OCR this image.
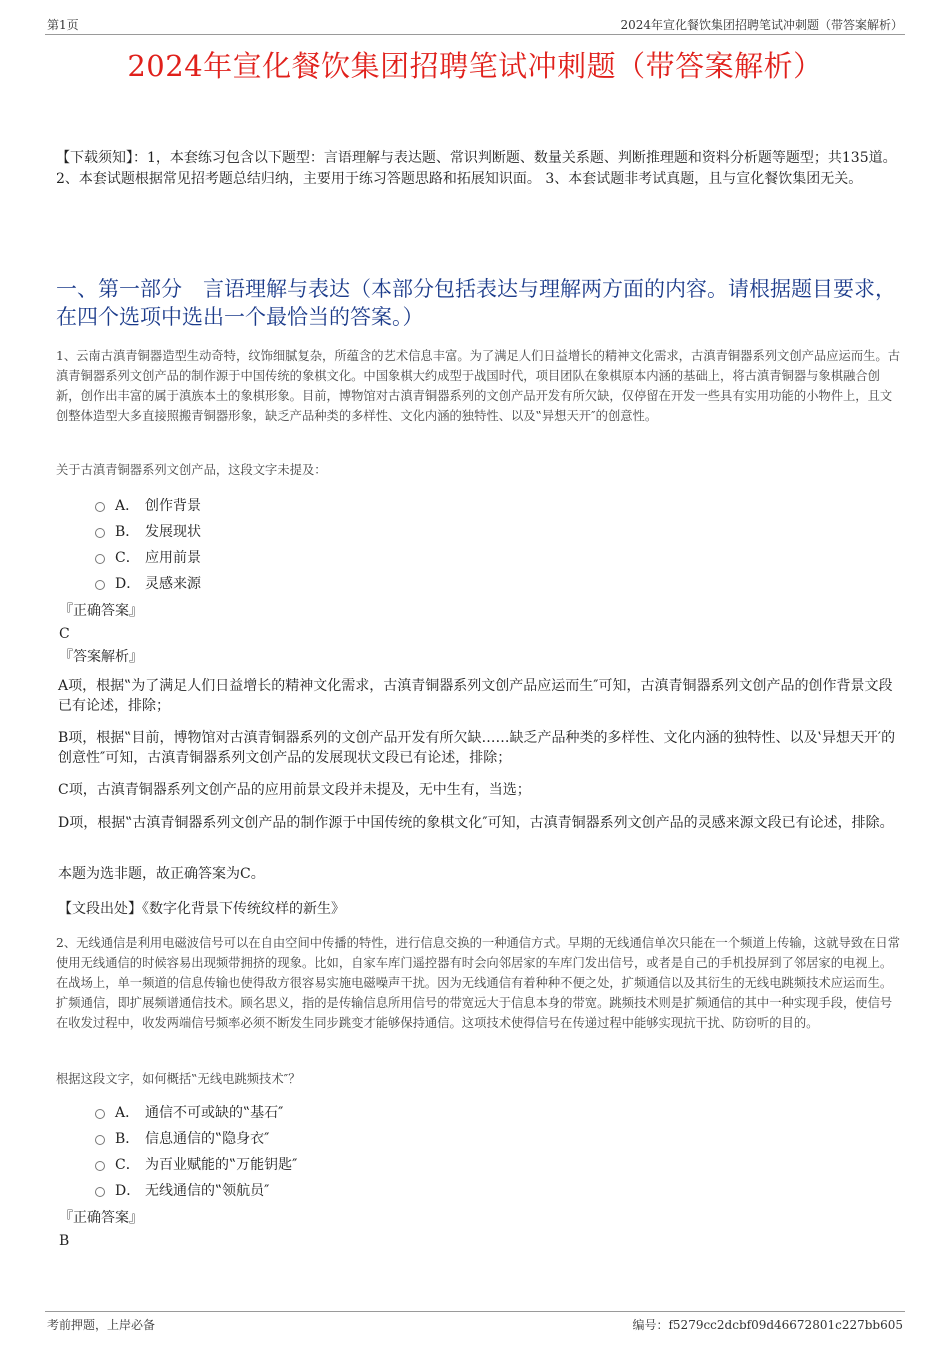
第1页	2024年宣化餐饮集团招聘笔试冲刺题（带答案解析）
2024年宣化餐饮集团招聘笔试冲刺题（带答案解析）
【下载须知】：1，本套练习包含以下题型：言语理解与表达题、常识判断题、数量关系题、判断推理题和资料分析题等题型；共135道。 2、本套试题根据常见招考题总结归纳，主要用于练习答题思路和拓展知识面。 3、本套试题非考试真题，且与宣化餐饮集团无关。
一、第一部分　言语理解与表达（本部分包括表达与理解两方面的内容。请根据题目要求，在四个选项中选出一个最恰当的答案。）
1、云南古滇青铜器造型生动奇特，纹饰细腻复杂，所蕴含的艺术信息丰富。为了满足人们日益增长的精神文化需求，古滇青铜器系列文创产品应运而生。古滇青铜器系列文创产品的制作源于中国传统的象棋文化。中国象棋大约成型于战国时代，项目团队在象棋原本内涵的基础上，将古滇青铜器与象棋融合创新，创作出丰富的属于滇族本土的象棋形象。目前，博物馆对古滇青铜器系列的文创产品开发有所欠缺，仅停留在开发一些具有实用功能的小物件上，且文创整体造型大多直接照搬青铜器形象，缺乏产品种类的多样性、文化内涵的独特性、以及‟异想天开″的创意性。
关于古滇青铜器系列文创产品，这段文字未提及：
A． 创作背景
B． 发展现状
C． 应用前景
D． 灵感来源
『正确答案』
C
『答案解析』
A项，根据‟为了满足人们日益增长的精神文化需求，古滇青铜器系列文创产品应运而生″可知，古滇青铜器系列文创产品的创作背景文段已有论述，排除；
B项，根据‟目前，博物馆对古滇青铜器系列的文创产品开发有所欠缺……缺乏产品种类的多样性、文化内涵的独特性、以及‛异想天开′的创意性″可知，古滇青铜器系列文创产品的发展现状文段已有论述，排除；
C项，古滇青铜器系列文创产品的应用前景文段并未提及，无中生有，当选；
D项，根据‟古滇青铜器系列文创产品的制作源于中国传统的象棋文化″可知，古滇青铜器系列文创产品的灵感来源文段已有论述，排除。
本题为选非题，故正确答案为C。
【文段出处】《数字化背景下传统纹样的新生》
2、无线通信是利用电磁波信号可以在自由空间中传播的特性，进行信息交换的一种通信方式。早期的无线通信单次只能在一个频道上传输，这就导致在日常使用无线通信的时候容易出现频带拥挤的现象。比如，自家车库门遥控器有时会向邻居家的车库门发出信号，或者是自己的手机投屏到了邻居家的电视上。在战场上，单一频道的信息传输也使得敌方很容易实施电磁噪声干扰。因为无线通信有着种种不便之处，扩频通信以及其衍生的无线电跳频技术应运而生。扩频通信，即扩展频谱通信技术。顾名思义，指的是传输信息所用信号的带宽远大于信息本身的带宽。跳频技术则是扩频通信的其中一种实现手段，使信号在收发过程中，收发两端信号频率必须不断发生同步跳变才能够保持通信。这项技术使得信号在传递过程中能够实现抗干扰、防窃听的目的。
根据这段文字，如何概括‟无线电跳频技术″？
A． 通信不可或缺的‟基石″
B． 信息通信的‟隐身衣″
C． 为百业赋能的‟万能钥匙″
D． 无线通信的‟领航员″
『正确答案』
B
考前押题，上岸必备	编号：f5279cc2dcbf09d46672801c227bb605
